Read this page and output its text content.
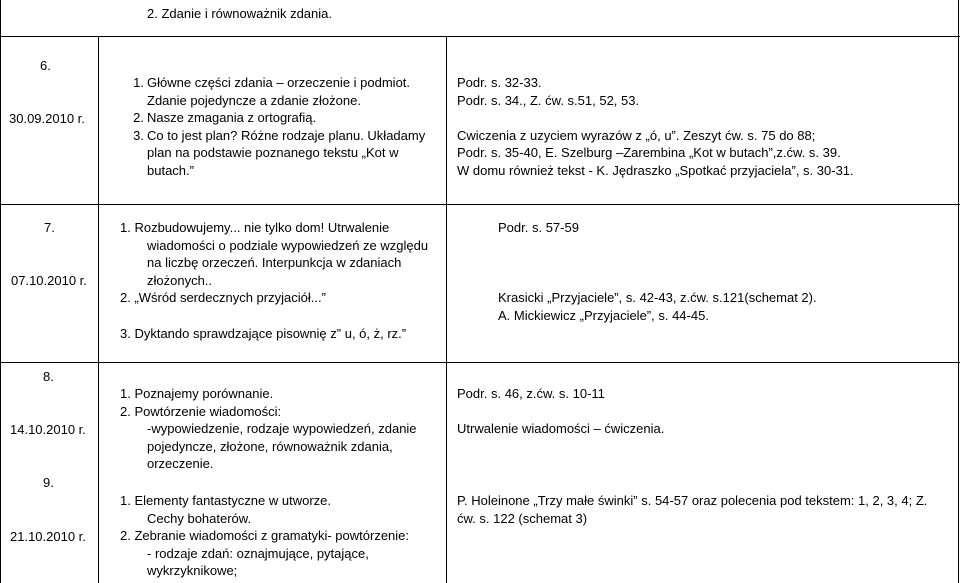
2. Zdanie i równoważnik zdania.
6.
30.09.2010 r.
1. Główne części zdania – orzeczenie i podmiot.
Zdanie pojedyncze a zdanie złożone.
2. Nasze zmagania z ortografią.
3. Co to jest plan? Różne rodzaje planu. Układamy
plan na podstawie poznanego tekstu „Kot w
butach.”
Podr. s. 32-33.
Podr. s. 34., Z. ćw. s.51, 52, 53.
Cwiczenia z uzyciem wyrazów z „ó, u”. Zeszyt ćw. s. 75 do 88;
Podr. s. 35-40, E. Szelburg –Zarembina „Kot w butach”,z.ćw. s. 39.
W domu również tekst - K. Jędraszko „Spotkać przyjaciela”, s. 30-31.
7.
07.10.2010 r.
1. Rozbudowujemy... nie tylko dom! Utrwalenie
wiadomości o podziale wypowiedzeń ze względu
na liczbę orzeczeń. Interpunkcja w zdaniach
złożonych..
2. „Wśród serdecznych przyjaciół...”
3. Dyktando sprawdzające pisownię z” u, ó, ż, rz.”
Podr. s. 57-59
Krasicki „Przyjaciele”, s. 42-43, z.ćw. s.121(schemat 2).
A. Mickiewicz „Przyjaciele”, s. 44-45.
8.
14.10.2010 r.
1. Poznajemy porównanie.
2. Powtórzenie wiadomości:
-wypowiedzenie, rodzaje wypowiedzeń, zdanie
pojedyncze, złożone, równoważnik zdania,
orzeczenie.
Podr. s. 46, z.ćw. s. 10-11
Utrwalenie wiadomości – ćwiczenia.
9.
21.10.2010 r.
1. Elementy fantastyczne w utworze.
Cechy bohaterów.
2. Zebranie wiadomości z gramatyki- powtórzenie:
- rodzaje zdań: oznajmujące, pytające,
wykrzyknikowe;
P. Holeinone „Trzy małe świnki” s. 54-57 oraz polecenia pod tekstem: 1, 2, 3, 4; Z.
ćw. s. 122 (schemat 3)
